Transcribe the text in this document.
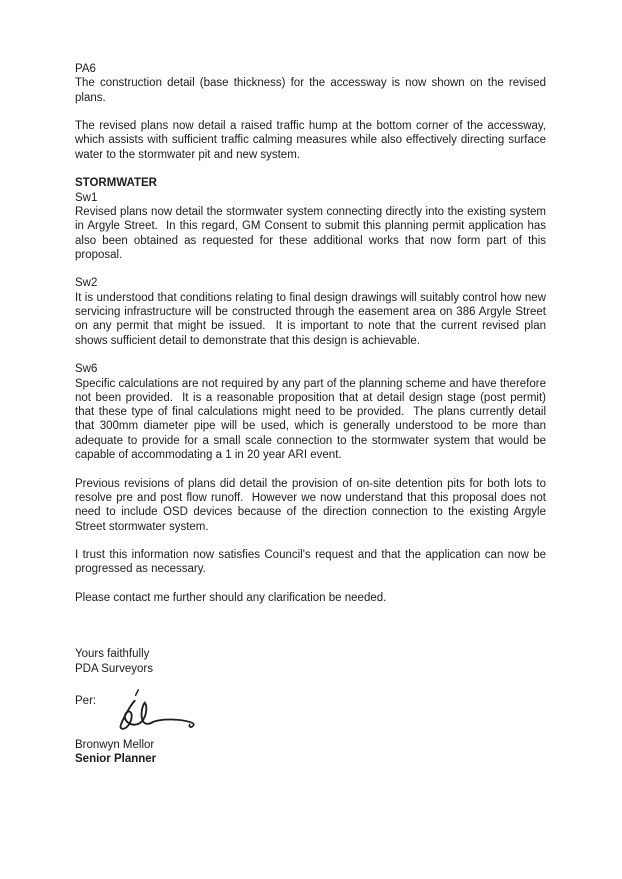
PA6

The construction detail (base thickness) for the accessway is now shown on the revised plans.

The revised plans now detail a raised traffic hump at the bottom corner of the accessway, which assists with sufficient traffic calming measures while also effectively directing surface water to the stormwater pit and new system.

STORMWATER

Sw1

Revised plans now detail the stormwater system connecting directly into the existing system in Argyle Street.  In this regard, GM Consent to submit this planning permit application has also been obtained as requested for these additional works that now form part of this proposal.

Sw2

It is understood that conditions relating to final design drawings will suitably control how new servicing infrastructure will be constructed through the easement area on 386 Argyle Street on any permit that might be issued.  It is important to note that the current revised plan shows sufficient detail to demonstrate that this design is achievable.

Sw6

Specific calculations are not required by any part of the planning scheme and have therefore not been provided.  It is a reasonable proposition that at detail design stage (post permit) that these type of final calculations might need to be provided.  The plans currently detail that 300mm diameter pipe will be used, which is generally understood to be more than adequate to provide for a small scale connection to the stormwater system that would be capable of accommodating a 1 in 20 year ARI event.

Previous revisions of plans did detail the provision of on-site detention pits for both lots to resolve pre and post flow runoff.  However we now understand that this proposal does not need to include OSD devices because of the direction connection to the existing Argyle Street stormwater system.

I trust this information now satisfies Council's request and that the application can now be progressed as necessary.

Please contact me further should any clarification be needed.

Yours faithfully

PDA Surveyors

Per:

Bronwyn Mellor

Senior Planner
